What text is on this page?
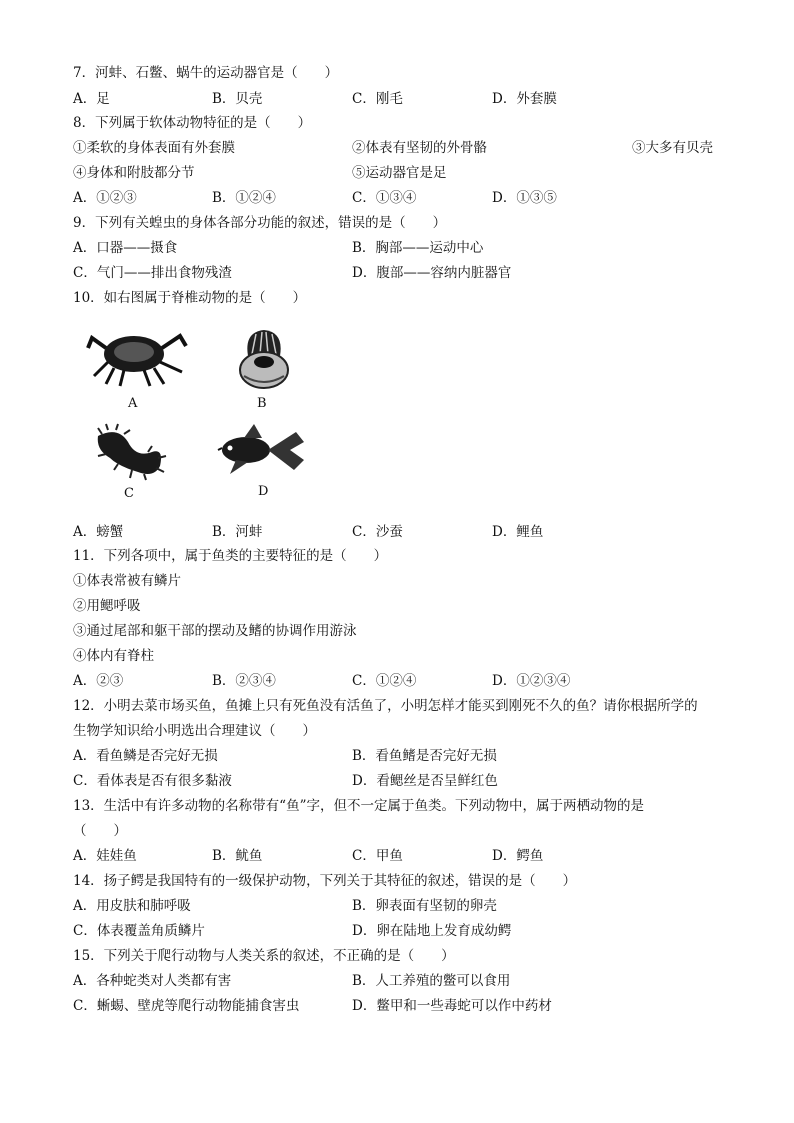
7．河蚌、石鳖、蜗牛的运动器官是（　　）
A．足	B．贝壳	C．刚毛	D．外套膜
8．下列属于软体动物特征的是（　　）
①柔软的身体表面有外套膜	②体表有坚韧的外骨骼	③大多有贝壳
④身体和附肢都分节	⑤运动器官是足
A．①②③	B．①②④	C．①③④	D．①③⑤
9．下列有关蝗虫的身体各部分功能的叙述，错误的是（　　）
A．口器——摄食	B．胸部——运动中心
C．气门——排出食物残渣	D．腹部——容纳内脏器官
10．如右图属于脊椎动物的是（　　）
A	B
C	D
A．螃蟹	B．河蚌	C．沙蚕	D．鲤鱼
11．下列各项中，属于鱼类的主要特征的是（　　）
①体表常被有鳞片
②用鳃呼吸
③通过尾部和躯干部的摆动及鳍的协调作用游泳
④体内有脊柱
A．②③	B．②③④	C．①②④	D．①②③④
12．小明去菜市场买鱼，鱼摊上只有死鱼没有活鱼了，小明怎样才能买到刚死不久的鱼？请你根据所学的
生物学知识给小明选出合理建议（　　）
A．看鱼鳞是否完好无损	B．看鱼鳍是否完好无损
C．看体表是否有很多黏液	D．看鳃丝是否呈鲜红色
13．生活中有许多动物的名称带有“鱼”字，但不一定属于鱼类。下列动物中，属于两栖动物的是
（　　）
A．娃娃鱼	B．鱿鱼	C．甲鱼	D．鳄鱼
14．扬子鳄是我国特有的一级保护动物，下列关于其特征的叙述，错误的是（　　）
A．用皮肤和肺呼吸	B．卵表面有坚韧的卵壳
C．体表覆盖角质鳞片	D．卵在陆地上发育成幼鳄
15．下列关于爬行动物与人类关系的叙述，不正确的是（　　）
A．各种蛇类对人类都有害	B．人工养殖的鳖可以食用
C．蜥蜴、壁虎等爬行动物能捕食害虫	D．鳖甲和一些毒蛇可以作中药材
